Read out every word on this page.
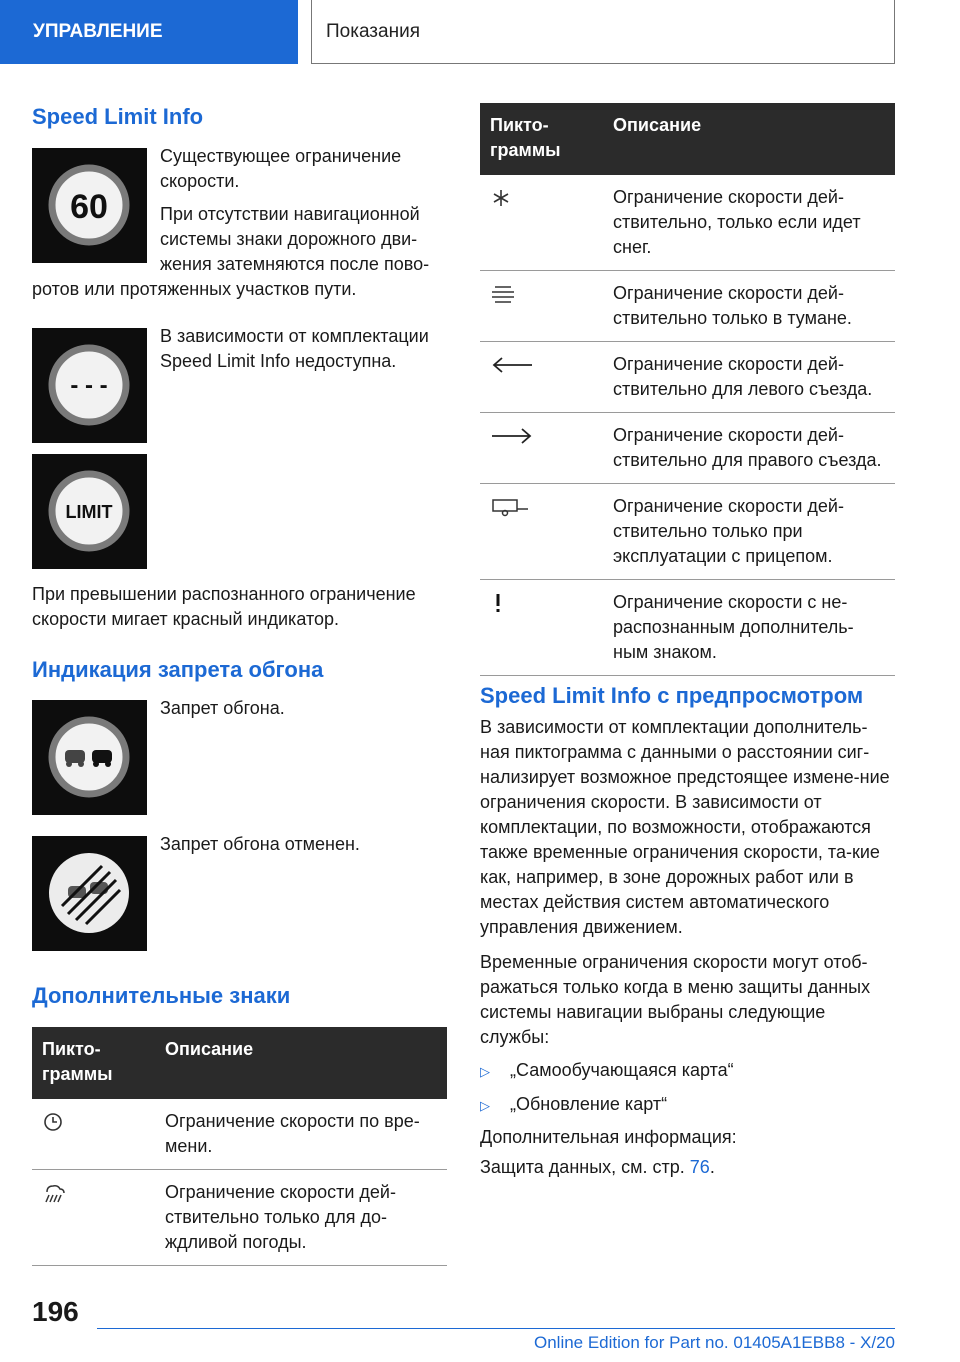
УПРАВЛЕНИЕ	Показания
Speed Limit Info
60

Существующее ограничение скорости.

При отсутствии навигационной системы знаки дорожного дви-

жения затемняются после пово-

ротов или протяженных участков пути.

- - -

В зависимости от комплектации Speed Limit Info недоступна.

LIMIT

При превышении распознанного ограничение скорости мигает красный индикатор.

Индикация запрета обгона

Запрет обгона.

Запрет обгона отменен.

Дополнительные знаки
Пикто-граммы	Описание
	Ограничение скорости по вре-мени.
	Ограничение скорости дей-ствительно только для до-ждливой погоды.
Пикто-граммы	Описание
	Ограничение скорости дей-ствительно, только если идет снег.
	Ограничение скорости дей-ствительно только в тумане.
	Ограничение скорости дей-ствительно для левого съезда.
	Ограничение скорости дей-ствительно для правого съезда.
	Ограничение скорости дей-ствительно только при эксплуатации с прицепом.
	Ограничение скорости с не-распознанным дополнитель-ным знаком.
Speed Limit Info с предпросмотром

В зависимости от комплектации дополнитель-ная пиктограмма с данными о расстоянии сиг-нализирует возможное предстоящее измене-ние ограничения скорости. В зависимости от комплектации, по возможности, отображаются также временные ограничения скорости, та-кие как, например, в зоне дорожных работ или в местах действия систем автоматического управления движением.

Временные ограничения скорости могут отоб-ражаться только когда в меню защиты данных системы навигации выбраны следующие службы:

▷ „Самообучающаяся карта“
▷ „Обновление карт“

Дополнительная информация:

Защита данных, см. стр. 76.

196
Online Edition for Part no. 01405A1EBB8 - X/20
